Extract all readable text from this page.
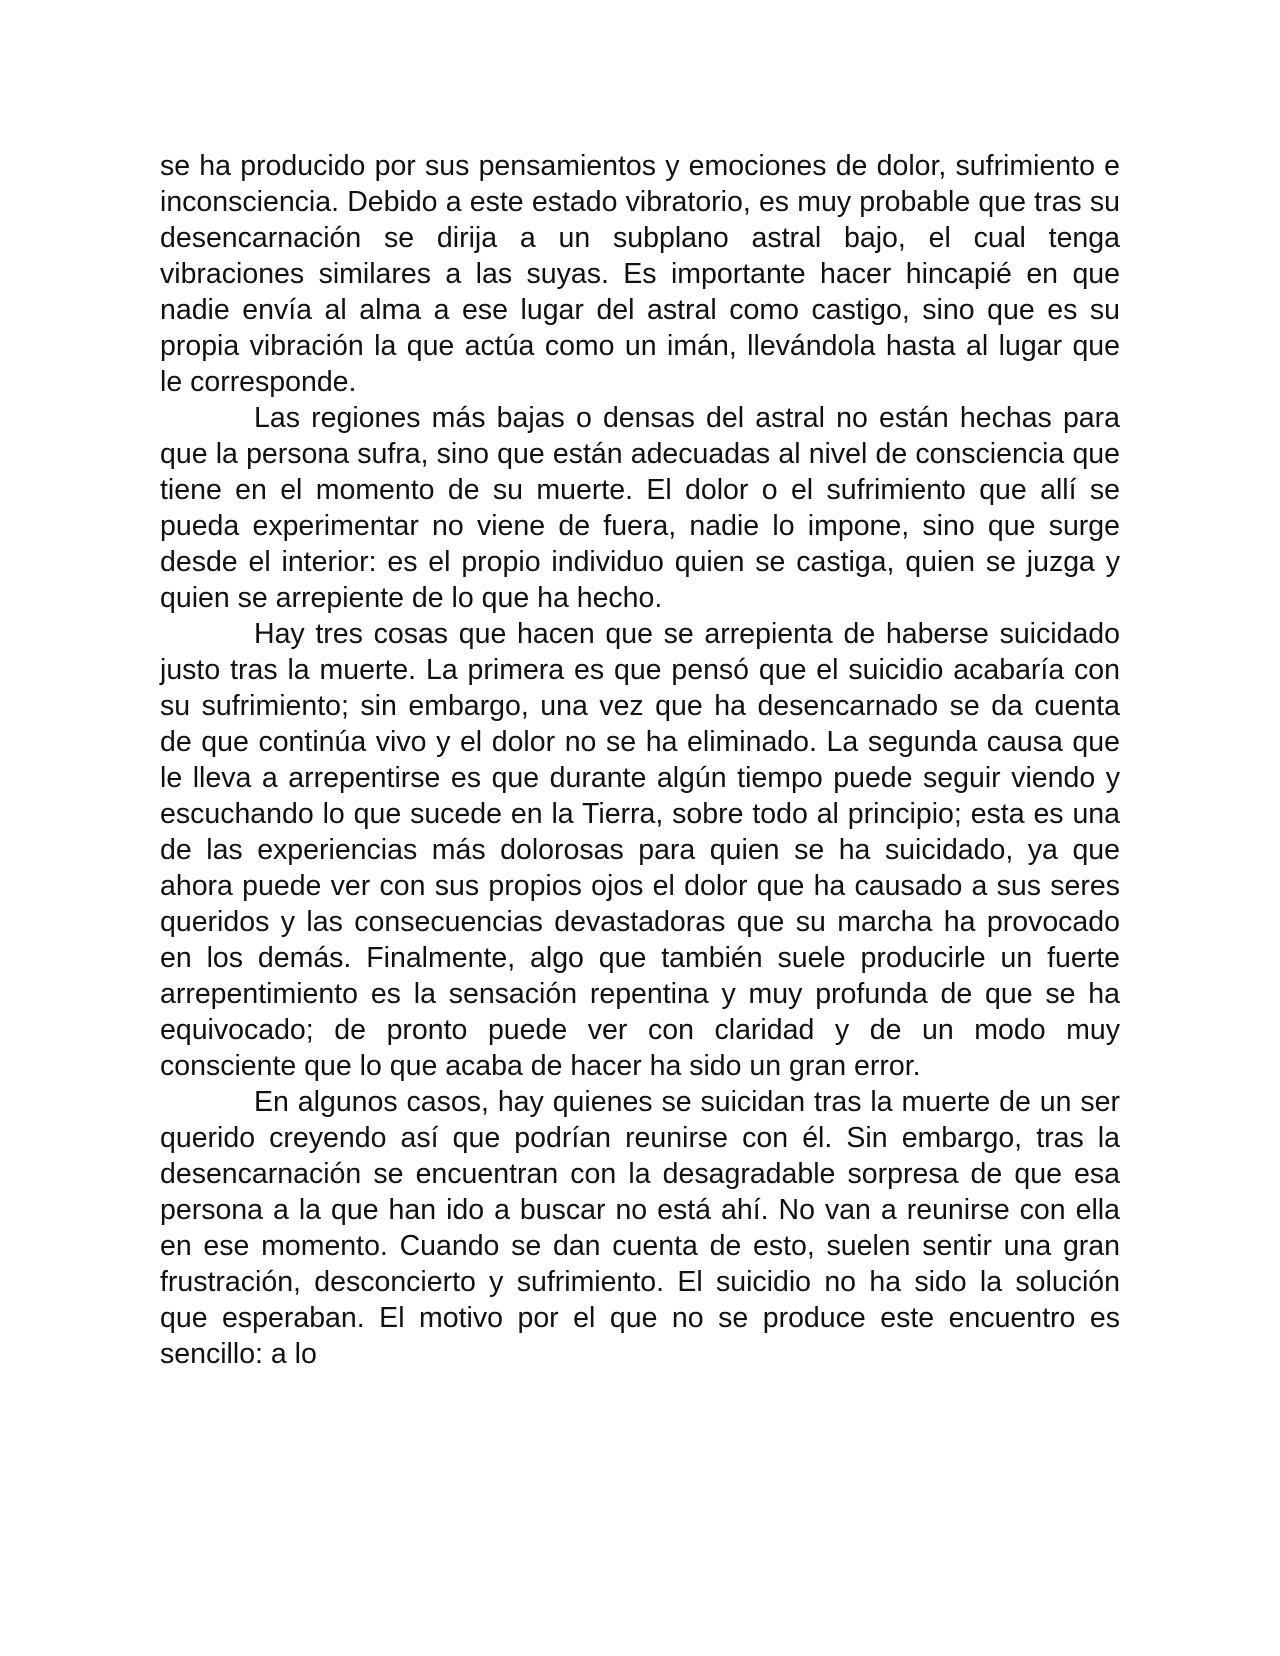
se ha producido por sus pensamientos y emociones de dolor, sufrimiento e inconsciencia. Debido a este estado vibratorio, es muy probable que tras su desencarnación se dirija a un subplano astral bajo, el cual tenga vibraciones similares a las suyas. Es importante hacer hincapié en que nadie envía al alma a ese lugar del astral como castigo, sino que es su propia vibración la que actúa como un imán, llevándola hasta al lugar que le corresponde.

Las regiones más bajas o densas del astral no están hechas para que la persona sufra, sino que están adecuadas al nivel de consciencia que tiene en el momento de su muerte. El dolor o el sufrimiento que allí se pueda experimentar no viene de fuera, nadie lo impone, sino que surge desde el interior: es el propio individuo quien se castiga, quien se juzga y quien se arrepiente de lo que ha hecho.

Hay tres cosas que hacen que se arrepienta de haberse suicidado justo tras la muerte. La primera es que pensó que el suicidio acabaría con su sufrimiento; sin embargo, una vez que ha desencarnado se da cuenta de que continúa vivo y el dolor no se ha eliminado. La segunda causa que le lleva a arrepentirse es que durante algún tiempo puede seguir viendo y escuchando lo que sucede en la Tierra, sobre todo al principio; esta es una de las experiencias más dolorosas para quien se ha suicidado, ya que ahora puede ver con sus propios ojos el dolor que ha causado a sus seres queridos y las consecuencias devastadoras que su marcha ha provocado en los demás. Finalmente, algo que también suele producirle un fuerte arrepentimiento es la sensación repentina y muy profunda de que se ha equivocado; de pronto puede ver con claridad y de un modo muy consciente que lo que acaba de hacer ha sido un gran error.

En algunos casos, hay quienes se suicidan tras la muerte de un ser querido creyendo así que podrían reunirse con él. Sin embargo, tras la desencarnación se encuentran con la desagradable sorpresa de que esa persona a la que han ido a buscar no está ahí. No van a reunirse con ella en ese momento. Cuando se dan cuenta de esto, suelen sentir una gran frustración, desconcierto y sufrimiento. El suicidio no ha sido la solución que esperaban. El motivo por el que no se produce este encuentro es sencillo: a lo
